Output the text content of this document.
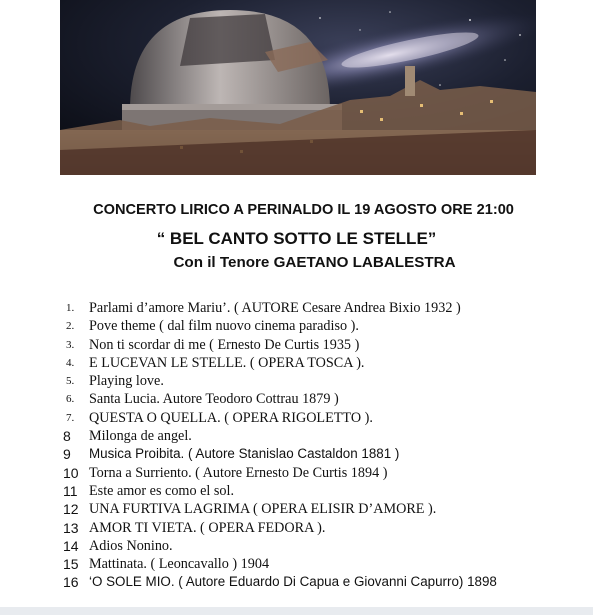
CONCERTO LIRICO A PERINALDO IL 19 AGOSTO ORE 21:00
“ BEL CANTO SOTTO LE STELLE”
Con il Tenore GAETANO LABALESTRA
1.	Parlami d’amore Mariu’. ( AUTORE Cesare Andrea Bixio 1932 )
2.	Pove theme ( dal film nuovo cinema paradiso ).
3.	Non ti scordar di me ( Ernesto De Curtis 1935 )
4.	E LUCEVAN LE STELLE. ( OPERA TOSCA ).
5.	Playing love.
6.	Santa Lucia. Autore Teodoro Cottrau 1879 )
7.	QUESTA O QUELLA. ( OPERA RIGOLETTO ).
8	Milonga de angel.
9	Musica Proibita. ( Autore Stanislao Castaldon 1881 )
10 Torna a Surriento. ( Autore Ernesto De Curtis 1894 )
11 Este amor es como el sol.
12 UNA FURTIVA LAGRIMA ( OPERA ELISIR D’AMORE ).
13 AMOR TI VIETA. ( OPERA FEDORA ).
14 Adios Nonino.
15 Mattinata. ( Leoncavallo ) 1904
16 ‘O SOLE MIO. ( Autore Eduardo Di Capua e Giovanni Capurro) 1898
